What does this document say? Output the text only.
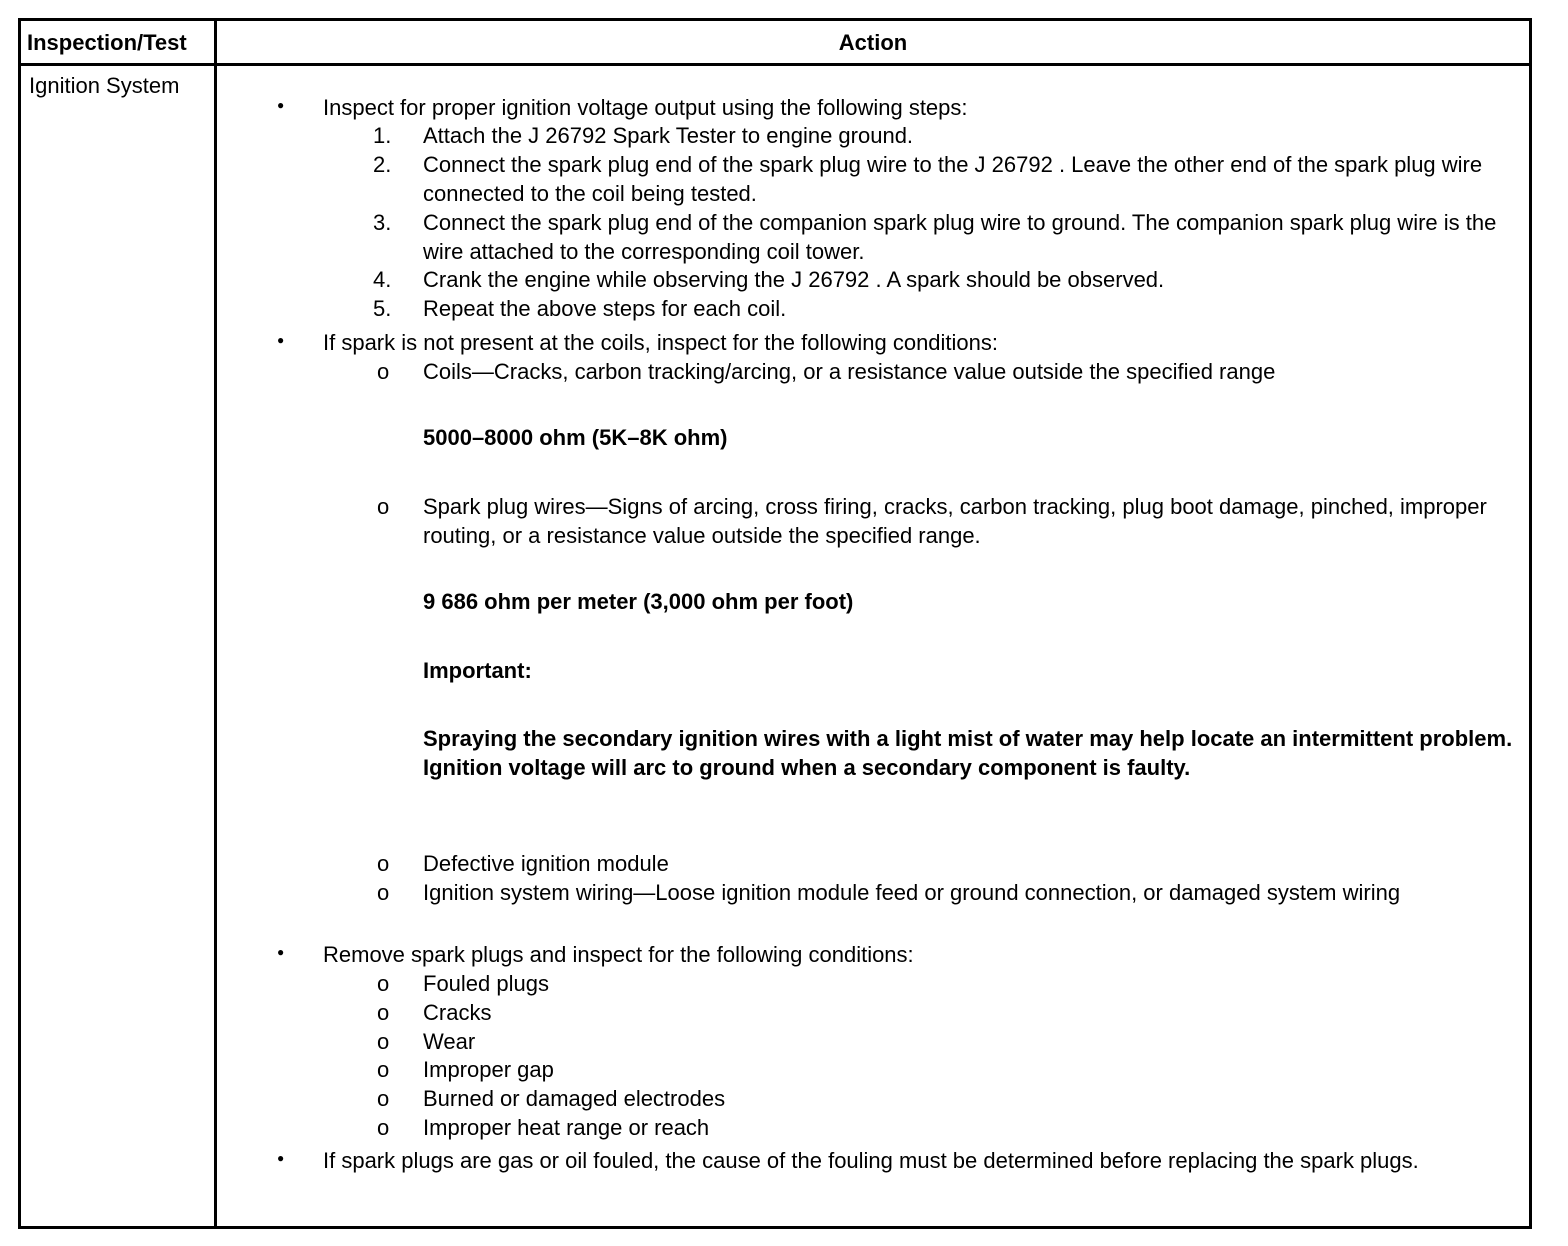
Inspection/Test	Action
Ignition System
●	Inspect for proper ignition voltage output using the following steps:
1.	Attach the J 26792 Spark Tester to engine ground.
2.	Connect the spark plug end of the spark plug wire to the J 26792 . Leave the other end of the spark plug wire connected to the coil being tested.
3.	Connect the spark plug end of the companion spark plug wire to ground. The companion spark plug wire is the wire attached to the corresponding coil tower.
4.	Crank the engine while observing the J 26792 . A spark should be observed.
5.	Repeat the above steps for each coil.
●	If spark is not present at the coils, inspect for the following conditions:
o	Coils—Cracks, carbon tracking/arcing, or a resistance value outside the specified range
5000–8000 ohm (5K–8K ohm)
o	Spark plug wires—Signs of arcing, cross firing, cracks, carbon tracking, plug boot damage, pinched, improper routing, or a resistance value outside the specified range.
9 686 ohm per meter (3,000 ohm per foot)
Important:
Spraying the secondary ignition wires with a light mist of water may help locate an intermittent problem. Ignition voltage will arc to ground when a secondary component is faulty.
o	Defective ignition module
o	Ignition system wiring—Loose ignition module feed or ground connection, or damaged system wiring
●	Remove spark plugs and inspect for the following conditions:
o	Fouled plugs
o	Cracks
o	Wear
o	Improper gap
o	Burned or damaged electrodes
o	Improper heat range or reach
●	If spark plugs are gas or oil fouled, the cause of the fouling must be determined before replacing the spark plugs.
